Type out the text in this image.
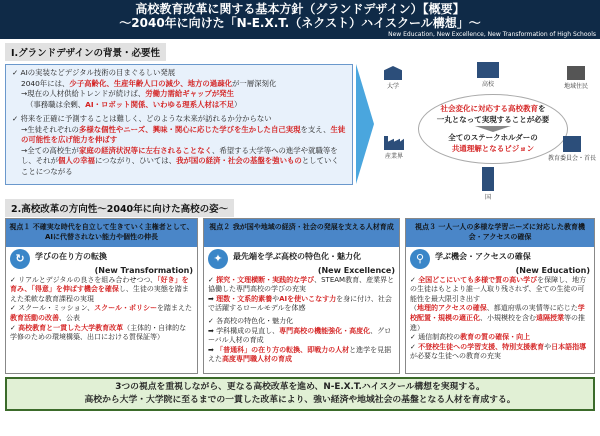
高校教育改革に関する基本方針（グランドデザイン）【概要】
～2040年に向けた「N-E.X.T.（ネクスト）ハイスクール構想」～
New Education, New Excellence, New Transformation of High Schools
Ⅰ.グランドデザインの背景・必要性
✓ AIの実装などデジタル技術の目まぐるしい発展
2040年には、少子高齢化、生産年齢人口の減少、地方の過疎化が一層深刻化
→現在の人材供給トレンドが続けば、労働力需給ギャップが発生
（事務職は余剰、AI・ロボット関係、いわゆる理系人材は不足）
✓ 将来を正確に予測することは難しく、どのような未来が訪れるか分からない
→生徒それぞれの多様な個性やニーズ、興味・関心に応じた学びを生かした自己実現を支え、生徒の可能性を広げ能力を伸ばす
→全ての高校生が家庭の経済状況等に左右されることなく、希望する大学等への進学や就職等をし、それが個人の幸福につながり、ひいては、我が国の経済・社会の基盤を強いものとしていくことにつながる
大学	高校	地域住民
社会変化に対応する高校教育を
一丸となって実現することが必要
全てのステークホルダーの
共通理解となるビジョン
産業界	教育委員会・首長
国
2.高校改革の方向性～2040年に向けた高校の姿～
視点１ 不確実な時代を自立して生きていく主権者として、AIに代替されない能力や個性の伸長
↻	学びの在り方の転換
(New Transformation)
✓ リアルとデジタルの良さを組み合わせつつ、「好き」を育み、「得意」を伸ばす機会を確保し、生徒の実態を踏まえた柔軟な教育課程の実現
✓ スクール・ミッション、スクール・ポリシーを踏まえた教育活動の改善、公表
✓ 高校教育と一貫した大学教育改革（主体的・自律的な学修のための環境構築、出口における質保証等）
視点２ 我が国や地域の経済・社会の発展を支える人材育成
✦	最先端を学ぶ高校の特色化・魅力化
(New Excellence)
✓ 探究・文理横断・実践的な学び、STEAM教育、産業界と協働した専門高校の学びの充実
➡ 理数・文系的素養やAIを使いこなす力を身に付け、社会で活躍するロールモデルを体感
✓ 各高校の特色化・魅力化
➡ 学科構成の見直し、専門高校の機能強化・高度化、グローバル人材の育成
➡ 「普通科」の在り方の転換、即戦力の人材と進学を見据えた高度専門職人材の育成
視点３ 一人一人の多様な学習ニーズに対応した教育機会・アクセスの確保
⚲	学ぶ機会・アクセスの確保
(New Education)
✓ 全国どこにいても多様で質の高い学びを保障し、地方の生徒はもとより誰一人取り残されず、全ての生徒の可能性を最大限引き出す
（地理的アクセスの確保、都道府県の実情等に応じた学校配置・規模の適正化、小規模校を含む遠隔授業等の推進）
✓ 通信制高校の教育の質の確保・向上
✓ 不登校生徒への学習支援、特別支援教育や日本語指導が必要な生徒への教育の充実
3つの視点を重視しながら、更なる高校改革を進め、N-E.X.T.ハイスクール構想を実現する。
高校から大学・大学院に至るまでの一貫した改革により、強い経済や地域社会の基盤となる人材を育成する。
